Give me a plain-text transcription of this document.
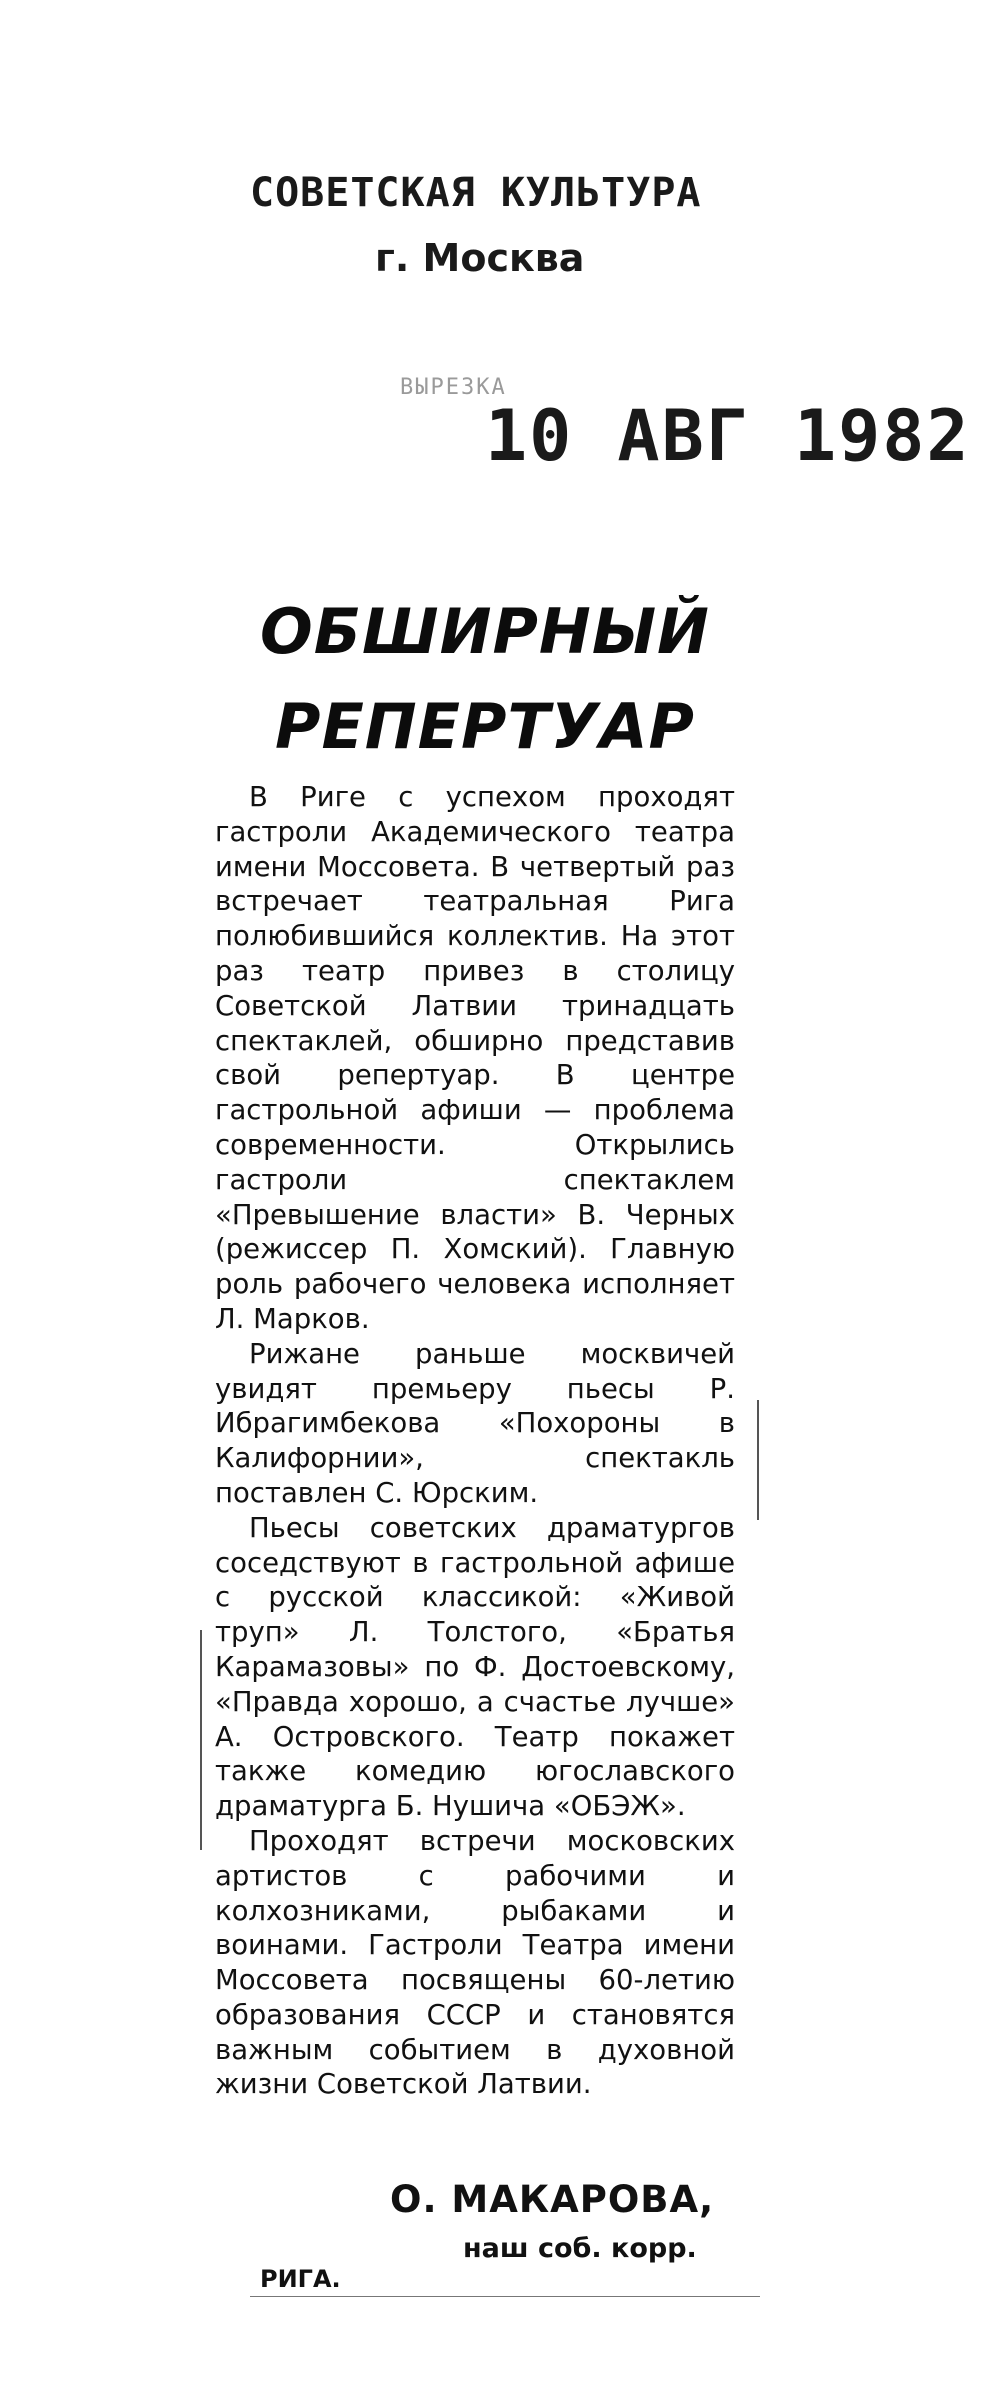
СОВЕТСКАЯ КУЛЬТУРА
г. Москва
ВЫРЕЗКА
10 АВГ 1982
ОБШИРНЫЙ
РЕПЕРТУАР

В Риге с успехом проходят гастроли Академического театра имени Моссовета. В четвертый раз встречает театральная Рига полюбившийся коллектив. На этот раз театр привез в столицу Советской Латвии тринадцать спектаклей, обширно представив свой репертуар. В центре гастрольной афиши — проблема современности. Открылись гастроли спектаклем «Превышение власти» В. Черных (режиссер П. Хомский). Главную роль рабочего человека исполняет Л. Марков.

Рижане раньше москвичей увидят премьеру пьесы Р. Ибрагимбекова «Похороны в Калифорнии», спектакль поставлен С. Юрским.

Пьесы советских драматургов соседствуют в гастрольной афише с русской классикой: «Живой труп» Л. Толстого, «Братья Карамазовы» по Ф. Достоевскому, «Правда хорошо, а счастье лучше» А. Островского. Театр покажет также комедию югославского драматурга Б. Нушича «ОБЭЖ».

Проходят встречи московских артистов с рабочими и колхозниками, рыбаками и воинами. Гастроли Театра имени Моссовета посвящены 60-летию образования СССР и становятся важным событием в духовной жизни Советской Латвии.

О. МАКАРОВА,
наш соб. корр.
РИГА.
